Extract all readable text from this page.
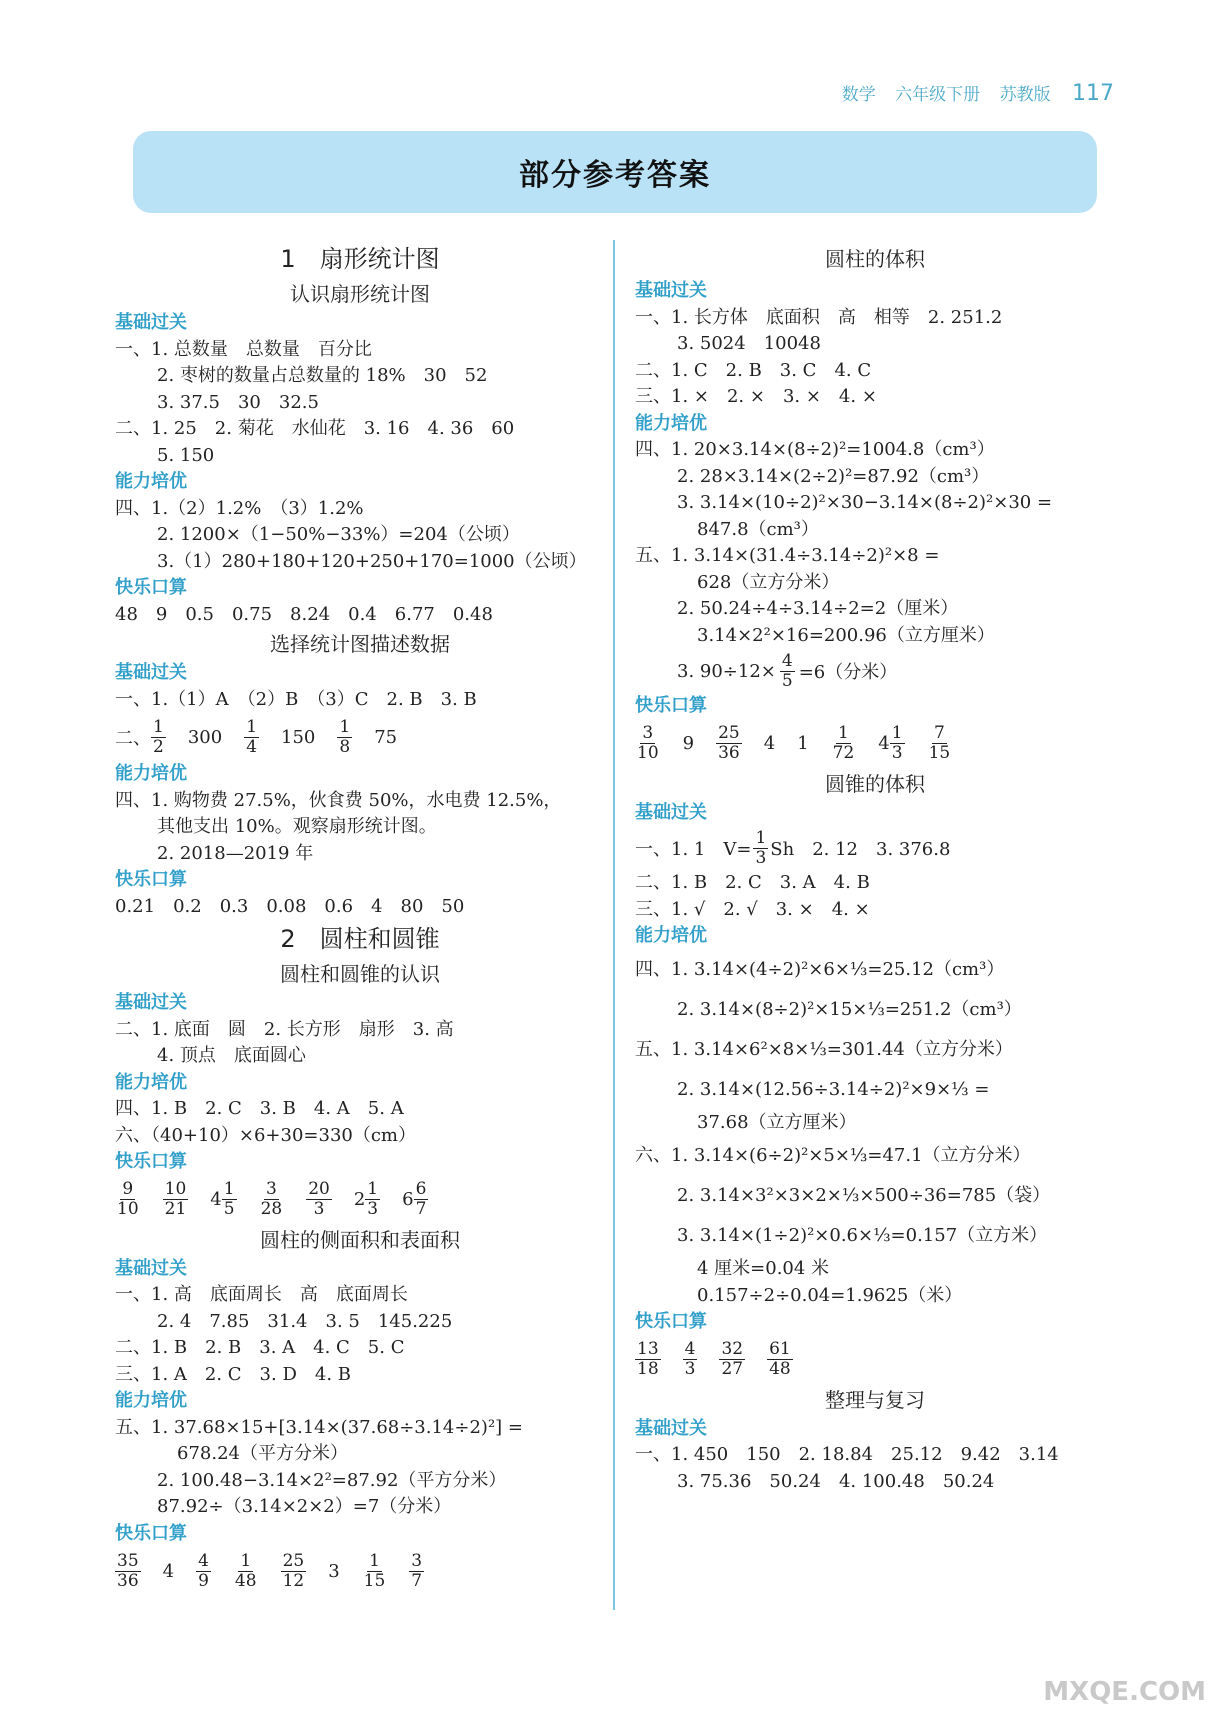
数学 六年级下册 苏教版 117
部分参考答案
1　扇形统计图
认识扇形统计图
基础过关
一、1. 总数量　总数量　百分比
2. 枣树的数量占总数量的 18%　30　52
3. 37.5　30　32.5
二、1. 25　2. 菊花　水仙花　3. 16　4. 36　60
5. 150
能力培优
四、1.（2）1.2%　（3）1.2%
2. 1200×（1−50%−33%）=204（公顷）
3.（1）280+180+120+250+170=1000（公顷）
快乐口算
48　9　0.5　0.75　8.24　0.4　6.77　0.48
选择统计图描述数据
基础过关
一、1.（1）A　（2）B　（3）C　2. B　3. B
二、 $\frac{1}{2} 300 \frac{1}{4} 150 \frac{1}{8} 75$
能力培优
四、1. 购物费 27.5%，伙食费 50%，水电费 12.5%，
其他支出 10%。观察扇形统计图。
2. 2018—2019 年
快乐口算
0.21　0.2　0.3　0.08　0.6　4　80　50
2　圆柱和圆锥
圆柱和圆锥的认识
基础过关
二、1. 底面　圆　2. 长方形　扇形　3. 高
4. 顶点　底面圆心
能力培优
四、1. B　2. C　3. B　4. A　5. A
六、（40+10）×6+30=330（cm）
快乐口算
$\frac{9}{10} \frac{10}{21} 4 \frac{1}{5} \frac{3}{28} \frac{20}{3} 2 \frac{1}{3} 6 \frac{6}{7}$
圆柱的侧面积和表面积
基础过关
一、1. 高　底面周长　高　底面周长
2. 4　7.85　31.4　3. 5　145.225
二、1. B　2. B　3. A　4. C　5. C
三、1. A　2. C　3. D　4. B
能力培优
五、1. 37.68×15+[3.14×(37.68÷3.14÷2)²] =
678.24（平方分米）
2. 100.48−3.14×2²=87.92（平方分米）
87.92÷（3.14×2×2）=7（分米）
快乐口算
$\frac{35}{36} 4 \frac{4}{9} \frac{1}{48} \frac{25}{12} 3 \frac{1}{15} \frac{3}{7}$
圆柱的体积
基础过关
一、1. 长方体　底面积　高　相等　2. 251.2
3. 5024　10048
二、1. C　2. B　3. C　4. C
三、1. ×　2. ×　3. ×　4. ×
能力培优
四、1. 20×3.14×(8÷2)²=1004.8（cm³）
2. 28×3.14×(2÷2)²=87.92（cm³）
3. 3.14×(10÷2)²×30−3.14×(8÷2)²×30 =
847.8（cm³）
五、1. 3.14×(31.4÷3.14÷2)²×8 =
628（立方分米）
2. 50.24÷4÷3.14÷2=2（厘米）
3.14×2²×16=200.96（立方厘米）
3. $90\div 12\times \frac{4}{5} =6$（分米）
快乐口算
$\frac{3}{10} 9 \frac{25}{36} 4$ $1 \frac{1}{72} 4 \frac{1}{3} \frac{7}{15}$
圆锥的体积
基础过关
一、1. 1　$V= \frac{1}{3}$ Sh　2. 12　3. 376.8
二、1. B　2. C　3. A　4. B
三、1. √　2. √　3. ×　4. ×
能力培优
四、1. 3.14×(4÷2)²×6×⅓=25.12（cm³）
2. 3.14×(8÷2)²×15×⅓=251.2（cm³）
五、1. 3.14×6²×8×⅓=301.44（立方分米）
2. 3.14×(12.56÷3.14÷2)²×9×⅓ =
37.68（立方厘米）
六、1. 3.14×(6÷2)²×5×⅓=47.1（立方分米）
2. 3.14×3²×3×2×⅓×500÷36=785（袋）
3. 3.14×(1÷2)²×0.6×⅓=0.157（立方米）
4 厘米=0.04 米
0.157÷2÷0.04=1.9625（米）
快乐口算
$\frac{13}{18} \frac{4}{3} \frac{32}{27} \frac{61}{48}$
整理与复习
基础过关
一、1. 450　150　2. 18.84　25.12　9.42　3.14
3. 75.36　50.24　4. 100.48　50.24
MXQE.COM
